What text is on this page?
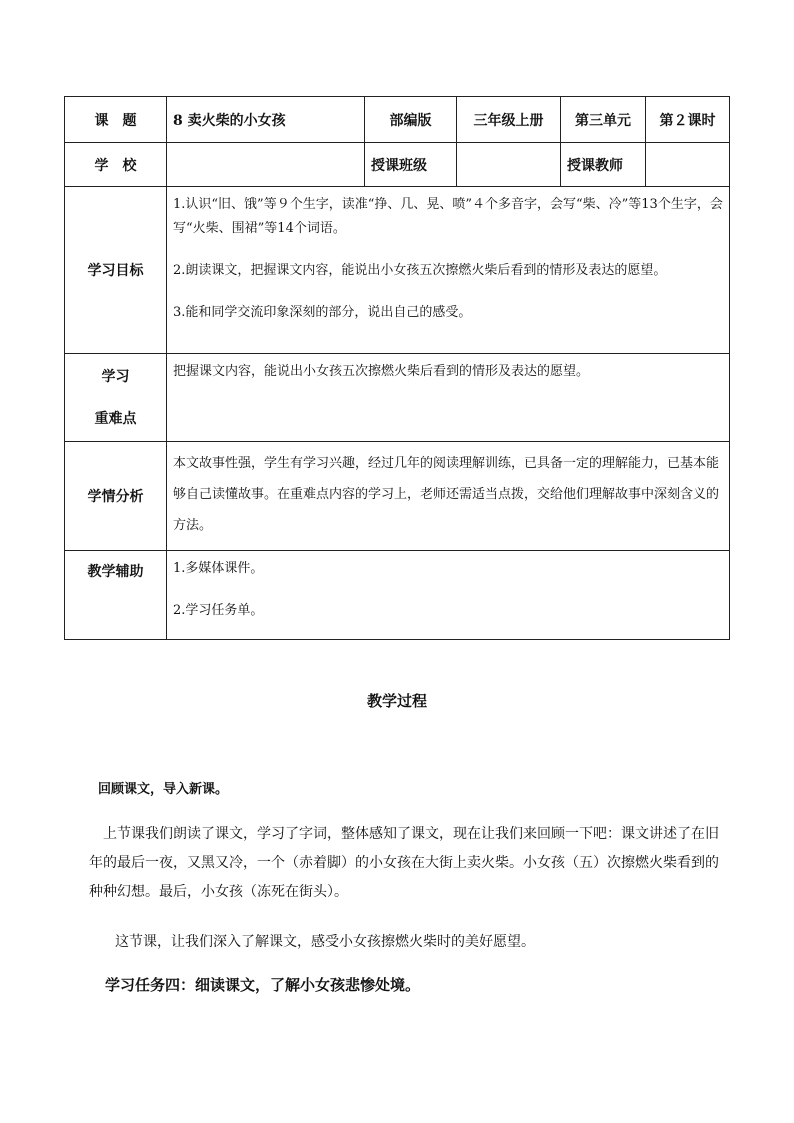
课　题	8 卖火柴的小女孩	部编版	三年级上册	第三单元	第２课时
学　校		授课班级		授课教师	
学习目标	1.认识“旧、饿”等９个生字，读准“挣、几、晃、喷”４个多音字，会写“柴、冷”等13个生字，会写“火柴、围裙”等14个词语。

2.朗读课文，把握课文内容，能说出小女孩五次擦燃火柴后看到的情形及表达的愿望。

3.能和同学交流印象深刻的部分，说出自己的感受。				

学习
重难点	把握课文内容，能说出小女孩五次擦燃火柴后看到的情形及表达的愿望。				

学情分析	本文故事性强，学生有学习兴趣，经过几年的阅读理解训练，已具备一定的理解能力，已基本能够自己读懂故事。在重难点内容的学习上，老师还需适当点拨，交给他们理解故事中深刻含义的方法。				

教学辅助	1.多媒体课件。

2.学习任务单。				

教学过程
回顾课文，导入新课。

上节课我们朗读了课文，学习了字词，整体感知了课文，现在让我们来回顾一下吧：课文讲述了在旧年的最后一夜，又黑又冷，一个（赤着脚）的小女孩在大街上卖火柴。小女孩（五）次擦燃火柴看到的种种幻想。最后，小女孩（冻死在街头）。

这节课，让我们深入了解课文，感受小女孩擦燃火柴时的美好愿望。

学习任务四：细读课文，了解小女孩悲惨处境。
